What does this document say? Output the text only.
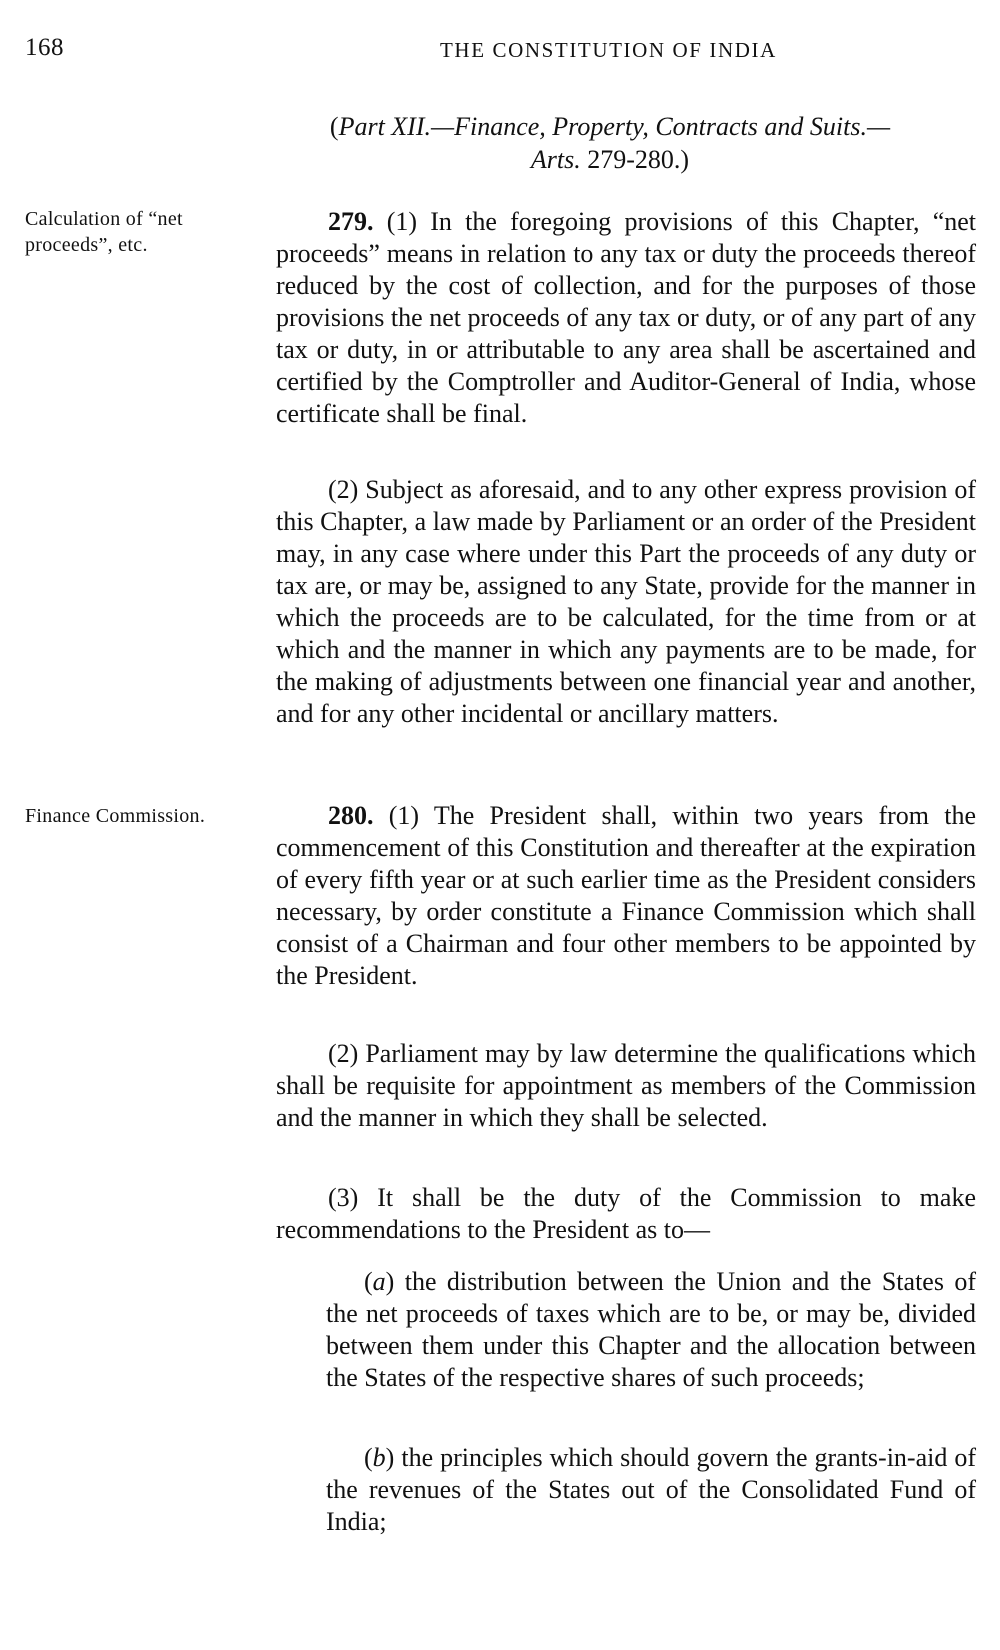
168	THE CONSTITUTION OF INDIA
(Part XII.—Finance, Property, Contracts and Suits.—
Arts. 279-280.)
Calculation of “net proceeds”, etc.

279. (1) In the foregoing provisions of this Chapter, “net proceeds” means in relation to any tax or duty the proceeds thereof reduced by the cost of collection, and for the purposes of those provisions the net proceeds of any tax or duty, or of any part of any tax or duty, in or attributable to any area shall be ascertained and certified by the Comptroller and Auditor-General of India, whose certificate shall be final.

(2) Subject as aforesaid, and to any other express provision of this Chapter, a law made by Parliament or an order of the President may, in any case where under this Part the proceeds of any duty or tax are, or may be, assigned to any State, provide for the manner in which the proceeds are to be calculated, for the time from or at which and the manner in which any payments are to be made, for the making of adjustments between one financial year and another, and for any other incidental or ancillary matters.

Finance Commission.	280. (1) The President shall, within two years from the commencement of this Constitution and thereafter at the expiration of every fifth year or at such earlier time as the President considers necessary, by order constitute a Finance Commission which shall consist of a Chairman and four other members to be appointed by the President.

(2) Parliament may by law determine the qualifications which shall be requisite for appointment as members of the Commission and the manner in which they shall be selected.

(3) It shall be the duty of the Commission to make recommendations to the President as to—

(a) the distribution between the Union and the States of the net proceeds of taxes which are to be, or may be, divided between them under this Chapter and the allocation between the States of the respective shares of such proceeds;

(b) the principles which should govern the grants-in-aid of the revenues of the States out of the Consolidated Fund of India;
